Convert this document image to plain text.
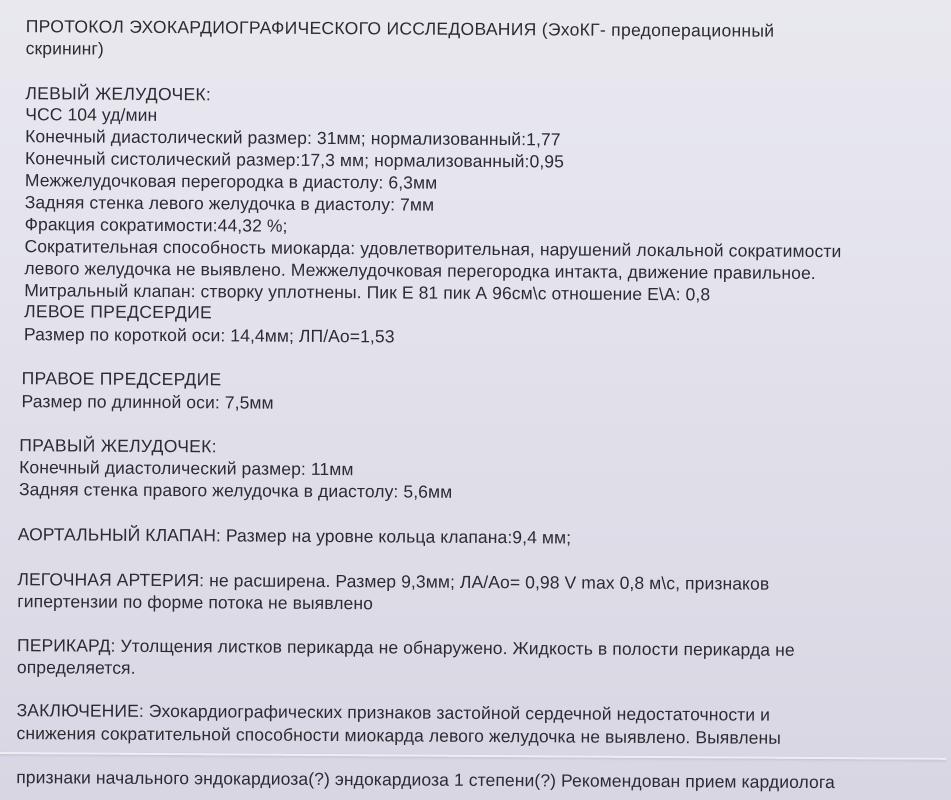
ПРОТОКОЛ ЭХОКАРДИОГРАФИЧЕСКОГО ИССЛЕДОВАНИЯ (ЭхоКГ- предоперационный
скрининг)
ЛЕВЫЙ ЖЕЛУДОЧЕК:
ЧСС 104 уд/мин
Конечный диастолический размер: 31мм; нормализованный:1,77
Конечный систолический размер:17,3 мм; нормализованный:0,95
Межжелудочковая перегородка в диастолу: 6,3мм
Задняя стенка левого желудочка в диастолу: 7мм
Фракция сократимости:44,32 %;
Сократительная способность миокарда: удовлетворительная, нарушений локальной сократимости
левого желудочка не выявлено. Межжелудочковая перегородка интакта, движение правильное.
Митральный клапан: створку уплотнены. Пик Е 81 пик А 96см\с отношение Е\А: 0,8
ЛЕВОЕ ПРЕДСЕРДИЕ
Размер по короткой оси: 14,4мм; ЛП/Ао=1,53
ПРАВОЕ ПРЕДСЕРДИЕ
Размер по длинной оси: 7,5мм
ПРАВЫЙ ЖЕЛУДОЧЕК:
Конечный диастолический размер: 11мм
Задняя стенка правого желудочка в диастолу: 5,6мм
АОРТАЛЬНЫЙ КЛАПАН: Размер на уровне кольца клапана:9,4 мм;
ЛЕГОЧНАЯ АРТЕРИЯ: не расширена. Размер 9,3мм; ЛА/Ао= 0,98 V max 0,8 м\с, признаков
гипертензии по форме потока не выявлено
ПЕРИКАРД: Утолщения листков перикарда не обнаружено. Жидкость в полости перикарда не
определяется.
ЗАКЛЮЧЕНИЕ: Эхокардиографических признаков застойной сердечной недостаточности и
снижения сократительной способности миокарда левого желудочка не выявлено. Выявлены
признаки начального эндокардиоза(?) эндокардиоза 1 степени(?) Рекомендован прием кардиолога
